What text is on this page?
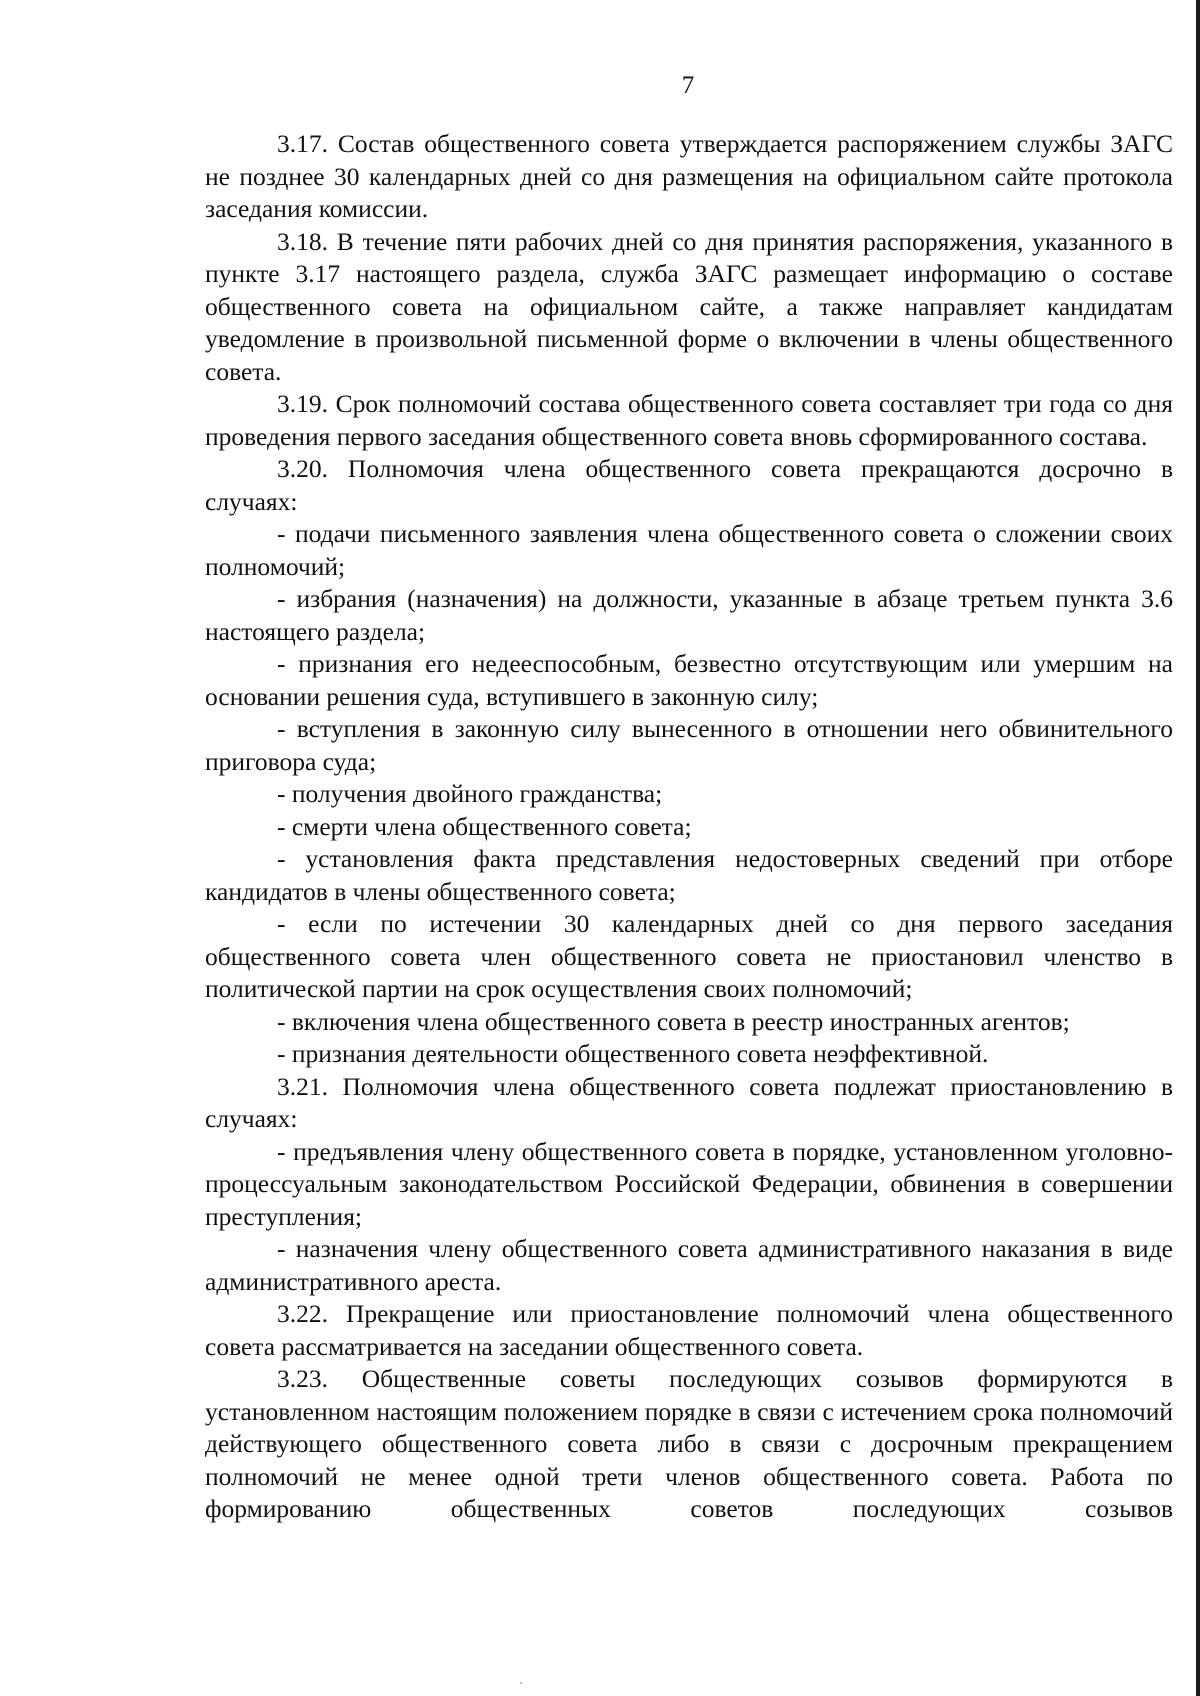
7

3.17. Состав общественного совета утверждается распоряжением службы ЗАГС не позднее 30 календарных дней со дня размещения на официальном сайте протокола заседания комиссии.

3.18. В течение пяти рабочих дней со дня принятия распоряжения, указанного в пункте 3.17 настоящего раздела, служба ЗАГС размещает информацию о составе общественного совета на официальном сайте, а также направляет кандидатам уведомление в произвольной письменной форме о включении в члены общественного совета.

3.19. Срок полномочий состава общественного совета составляет три года со дня проведения первого заседания общественного совета вновь сформированного состава.

3.20. Полномочия члена общественного совета прекращаются досрочно в случаях:

- подачи письменного заявления члена общественного совета о сложении своих полномочий;

- избрания (назначения) на должности, указанные в абзаце третьем пункта 3.6 настоящего раздела;

- признания его недееспособным, безвестно отсутствующим или умершим на основании решения суда, вступившего в законную силу;

- вступления в законную силу вынесенного в отношении него обвинительного приговора суда;

- получения двойного гражданства;

- смерти члена общественного совета;

- установления факта представления недостоверных сведений при отборе кандидатов в члены общественного совета;

- если по истечении 30 календарных дней со дня первого заседания общественного совета член общественного совета не приостановил членство в политической партии на срок осуществления своих полномочий;

- включения члена общественного совета в реестр иностранных агентов;

- признания деятельности общественного совета неэффективной.

3.21. Полномочия члена общественного совета подлежат приостановлению в случаях:

- предъявления члену общественного совета в порядке, установленном уголовно-процессуальным законодательством Российской Федерации, обвинения в совершении преступления;

- назначения члену общественного совета административного наказания в виде административного ареста.

3.22. Прекращение или приостановление полномочий члена общественного совета рассматривается на заседании общественного совета.

3.23. Общественные советы последующих созывов формируются в установленном настоящим положением порядке в связи с истечением срока полномочий действующего общественного совета либо в связи с досрочным прекращением полномочий не менее одной трети членов общественного совета. Работа по формированию общественных советов последующих созывов
